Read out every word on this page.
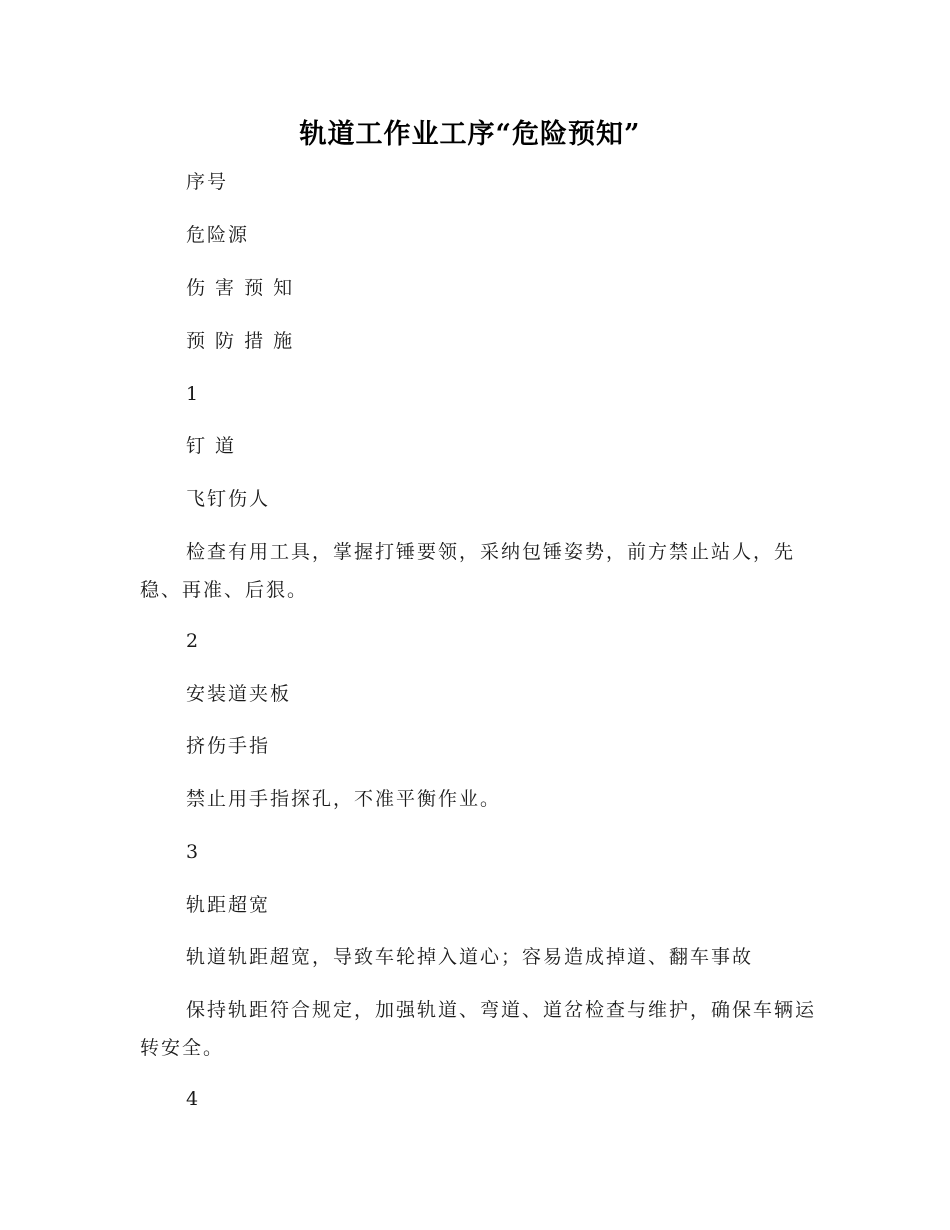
轨道工作业工序“危险预知”
序号
危险源
伤 害 预 知
预 防 措 施
1
钉 道
飞钉伤人
检查有用工具，掌握打锤要领，采纳包锤姿势，前方禁止站人，先稳、再准、后狠。
2
安装道夹板
挤伤手指
禁止用手指探孔，不准平衡作业。
3
轨距超宽
轨道轨距超宽，导致车轮掉入道心；容易造成掉道、翻车事故
保持轨距符合规定，加强轨道、弯道、道岔检查与维护，确保车辆运转安全。
4
